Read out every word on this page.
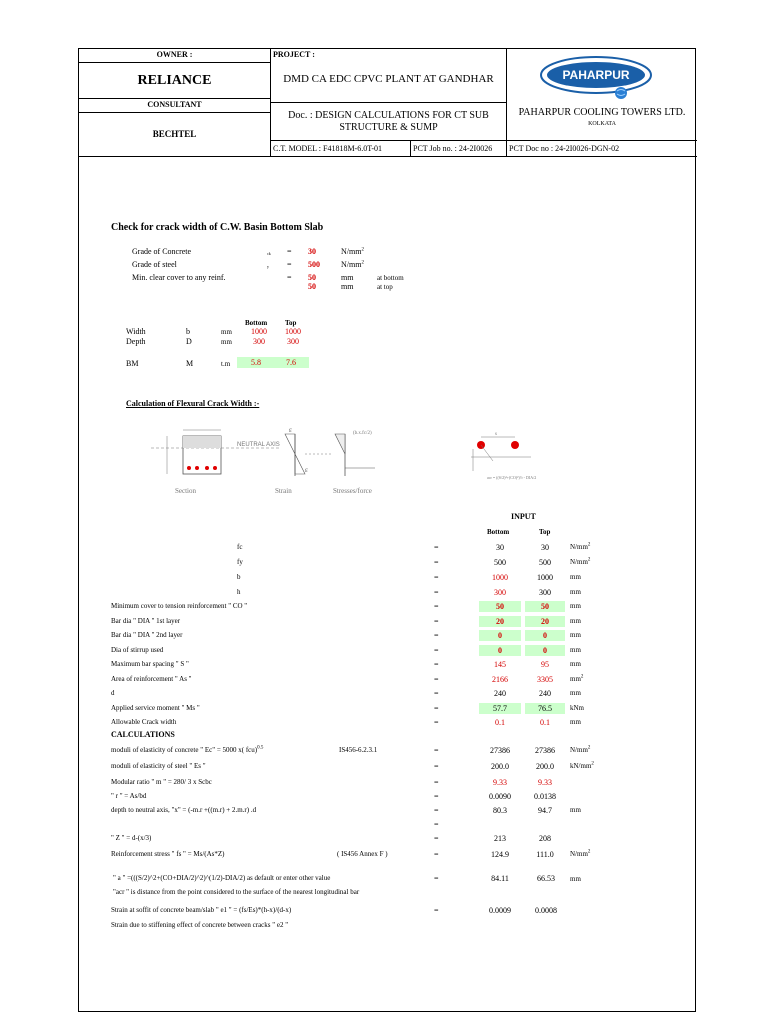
OWNER :
RELIANCE
CONSULTANT
BECHTEL
PROJECT :
DMD CA EDC CPVC PLANT AT GANDHAR
Doc. : DESIGN CALCULATIONS FOR CT SUB
STRUCTURE & SUMP
PAHARPUR
PAHARPUR COOLING TOWERS LTD.
KOLKATA
C.T. MODEL : F41818M-6.0T-01	PCT Job no. : 24-2I0026 PCT Doc no : 24-2I0026-DGN-02
Check for crack width of C.W. Basin Bottom Slab
Grade of Concrete	ck = 30	$N/mm^2$
Grade of steel	y = 500	$N/mm^2$
Min. clear cover to any reinf.	= 50	mm	at bottom
50	mm	at top
Bottom	Top
Width	b	mm	1000	1000
Depth	D	mm	300	300
BM	M	t.m	5.8	7.6
Calculation of Flexural Crack Width :-
NEUTRAL AXIS
ε
ε
(b.x.fc/2)
Section	Strain	Stresses/force
s
acr = ((S/2)²+(CO)²)½ - DIA/2
INPUT
Bottom	Top
fc	=	30	30	$N/mm^2$
fy	=	500	500	$N/mm^2$
b	=	1000	1000	mm
h	=	300	300	mm
Minimum cover to tension reinforcement " CO "	=	50	50	mm
Bar dia " DIA " 1st layer	=	20	20	mm
Bar dia " DIA " 2nd layer	=	0	0	mm
Dia of stirrup used	=	0	0	mm
Maximum bar spacing " S "	=	145	95	mm
Area of reinforcement " As "	=	2166	3305	$mm^2$
d	=	240	240	mm
Applied service moment " Ms "	=	57.7	76.5	kNm
Allowable Crack width	=	0.1	0.1	mm
CALCULATIONS
moduli of elasticity of concrete " Ec" = 5000 x( fcu)$^{0.5}$	IS456-6.2.3.1	=	27386	27386	$N/mm^2$
moduli of elasticity of steel " Es "	=	200.0	200.0	$kN/mm^2$
Modular ratio " m " = 280/ 3 x Scbc	=	9.33	9.33
" r " = As/bd	=	0.0090	0.0138
depth to neutral axis, "x" = (-m.r +((m.r) + 2.m.r) .d	=	80.3	94.7	mm
=
" Z " = d-(x/3)	=	213	208
Reinforcement stress " fs " = Ms/(As*Z)	( IS456 Annex F )	=	124.9	111.0	$N/mm^2$
" a " =(((S/2)^2+(CO+DIA/2)^2)^(1/2)-DIA/2) as default or enter other value	=	84.11	66.53	mm
"acr " is distance from the point considered to the surface of the nearest longitudinal bar
Strain at soffit of concrete beam/slab " e1 " = (fs/Es)*(h-x)/(d-x)	=	0.0009	0.0008
Strain due to stiffening effect of concrete between cracks " e2 "
